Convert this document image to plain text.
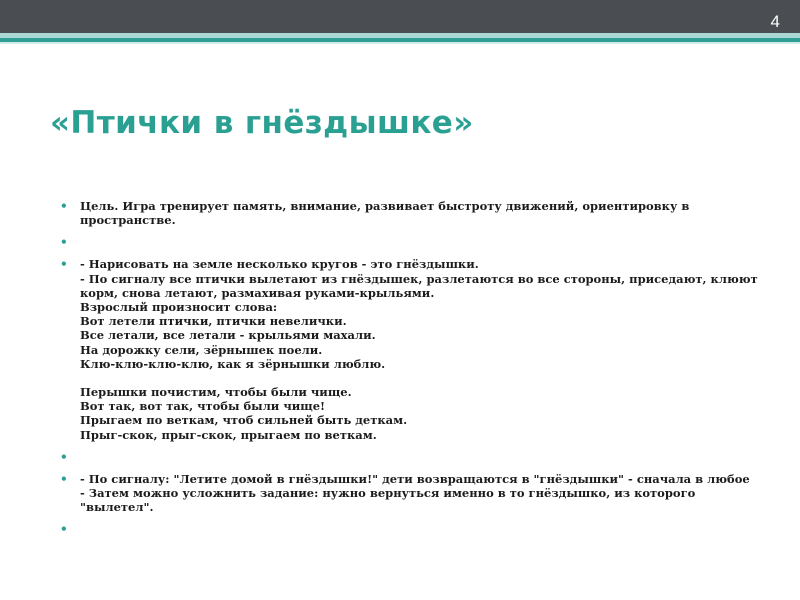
4
«Птички в гнёздышке»
• Цель. Игра тренирует память, внимание, развивает быстроту движений, ориентировку в
пространстве.
•
• - Нарисовать на земле несколько кругов - это гнёздышки.
- По сигналу все птички вылетают из гнёздышек, разлетаются во все стороны, приседают, клюют
корм, снова летают, размахивая руками-крыльями.
Взрослый произносит слова:
Вот летели птички, птички невелички.
Все летали, все летали - крыльями махали.
На дорожку сели, зёрнышек поели.
Клю-клю-клю-клю, как я зёрнышки люблю.
Перышки почистим, чтобы были чище.
Вот так, вот так, чтобы были чище!
Прыгаем по веткам, чтоб сильней быть деткам.
Прыг-скок, прыг-скок, прыгаем по веткам.
•
• - По сигналу: "Летите домой в гнёздышки!" дети возвращаются в "гнёздышки" - сначала в любое
- Затем можно усложнить задание: нужно вернуться именно в то гнёздышко, из которого
"вылетел".
•
